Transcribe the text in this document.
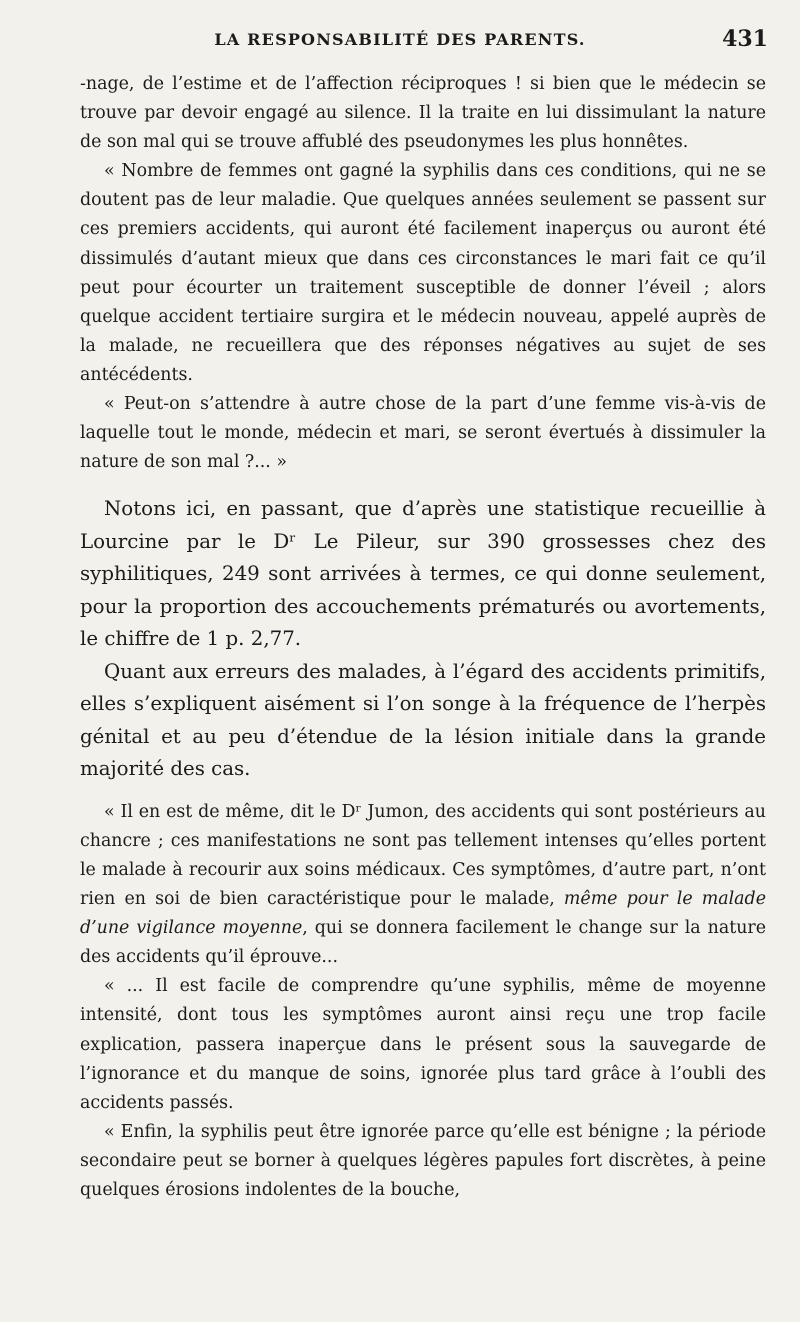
LA RESPONSABILITÉ DES PARENTS.	431

-nage, de l’estime et de l’affection réciproques ! si bien que le médecin se trouve par devoir engagé au silence. Il la traite en lui dissimulant la nature de son mal qui se trouve affublé des pseudonymes les plus honnêtes.

« Nombre de femmes ont gagné la syphilis dans ces conditions, qui ne se doutent pas de leur maladie. Que quelques années seulement se passent sur ces premiers accidents, qui auront été facilement inaperçus ou auront été dissimulés d’autant mieux que dans ces circonstances le mari fait ce qu’il peut pour écourter un traitement susceptible de donner l’éveil ; alors quelque accident tertiaire surgira et le médecin nouveau, appelé auprès de la malade, ne recueillera que des réponses négatives au sujet de ses antécédents.

« Peut-on s’attendre à autre chose de la part d’une femme vis-à-vis de laquelle tout le monde, médecin et mari, se seront évertués à dissimuler la nature de son mal ?... »

Notons ici, en passant, que d’après une statistique recueillie à Lourcine par le Dʳ Le Pileur, sur 390 grossesses chez des syphilitiques, 249 sont arrivées à termes, ce qui donne seulement, pour la proportion des accouchements prématurés ou avortements, le chiffre de 1 p. 2,77.

Quant aux erreurs des malades, à l’égard des accidents primitifs, elles s’expliquent aisément si l’on songe à la fréquence de l’herpès génital et au peu d’étendue de la lésion initiale dans la grande majorité des cas.

« Il en est de même, dit le Dʳ Jumon, des accidents qui sont postérieurs au chancre ; ces manifestations ne sont pas tellement intenses qu’elles portent le malade à recourir aux soins médicaux. Ces symptômes, d’autre part, n’ont rien en soi de bien caractéristique pour le malade, même pour le malade d’une vigilance moyenne, qui se donnera facilement le change sur la nature des accidents qu’il éprouve...

« ... Il est facile de comprendre qu’une syphilis, même de moyenne intensité, dont tous les symptômes auront ainsi reçu une trop facile explication, passera inaperçue dans le présent sous la sauvegarde de l’ignorance et du manque de soins, ignorée plus tard grâce à l’oubli des accidents passés.

« Enfin, la syphilis peut être ignorée parce qu’elle est bénigne ; la période secondaire peut se borner à quelques légères papules fort discrètes, à peine quelques érosions indolentes de la bouche,
